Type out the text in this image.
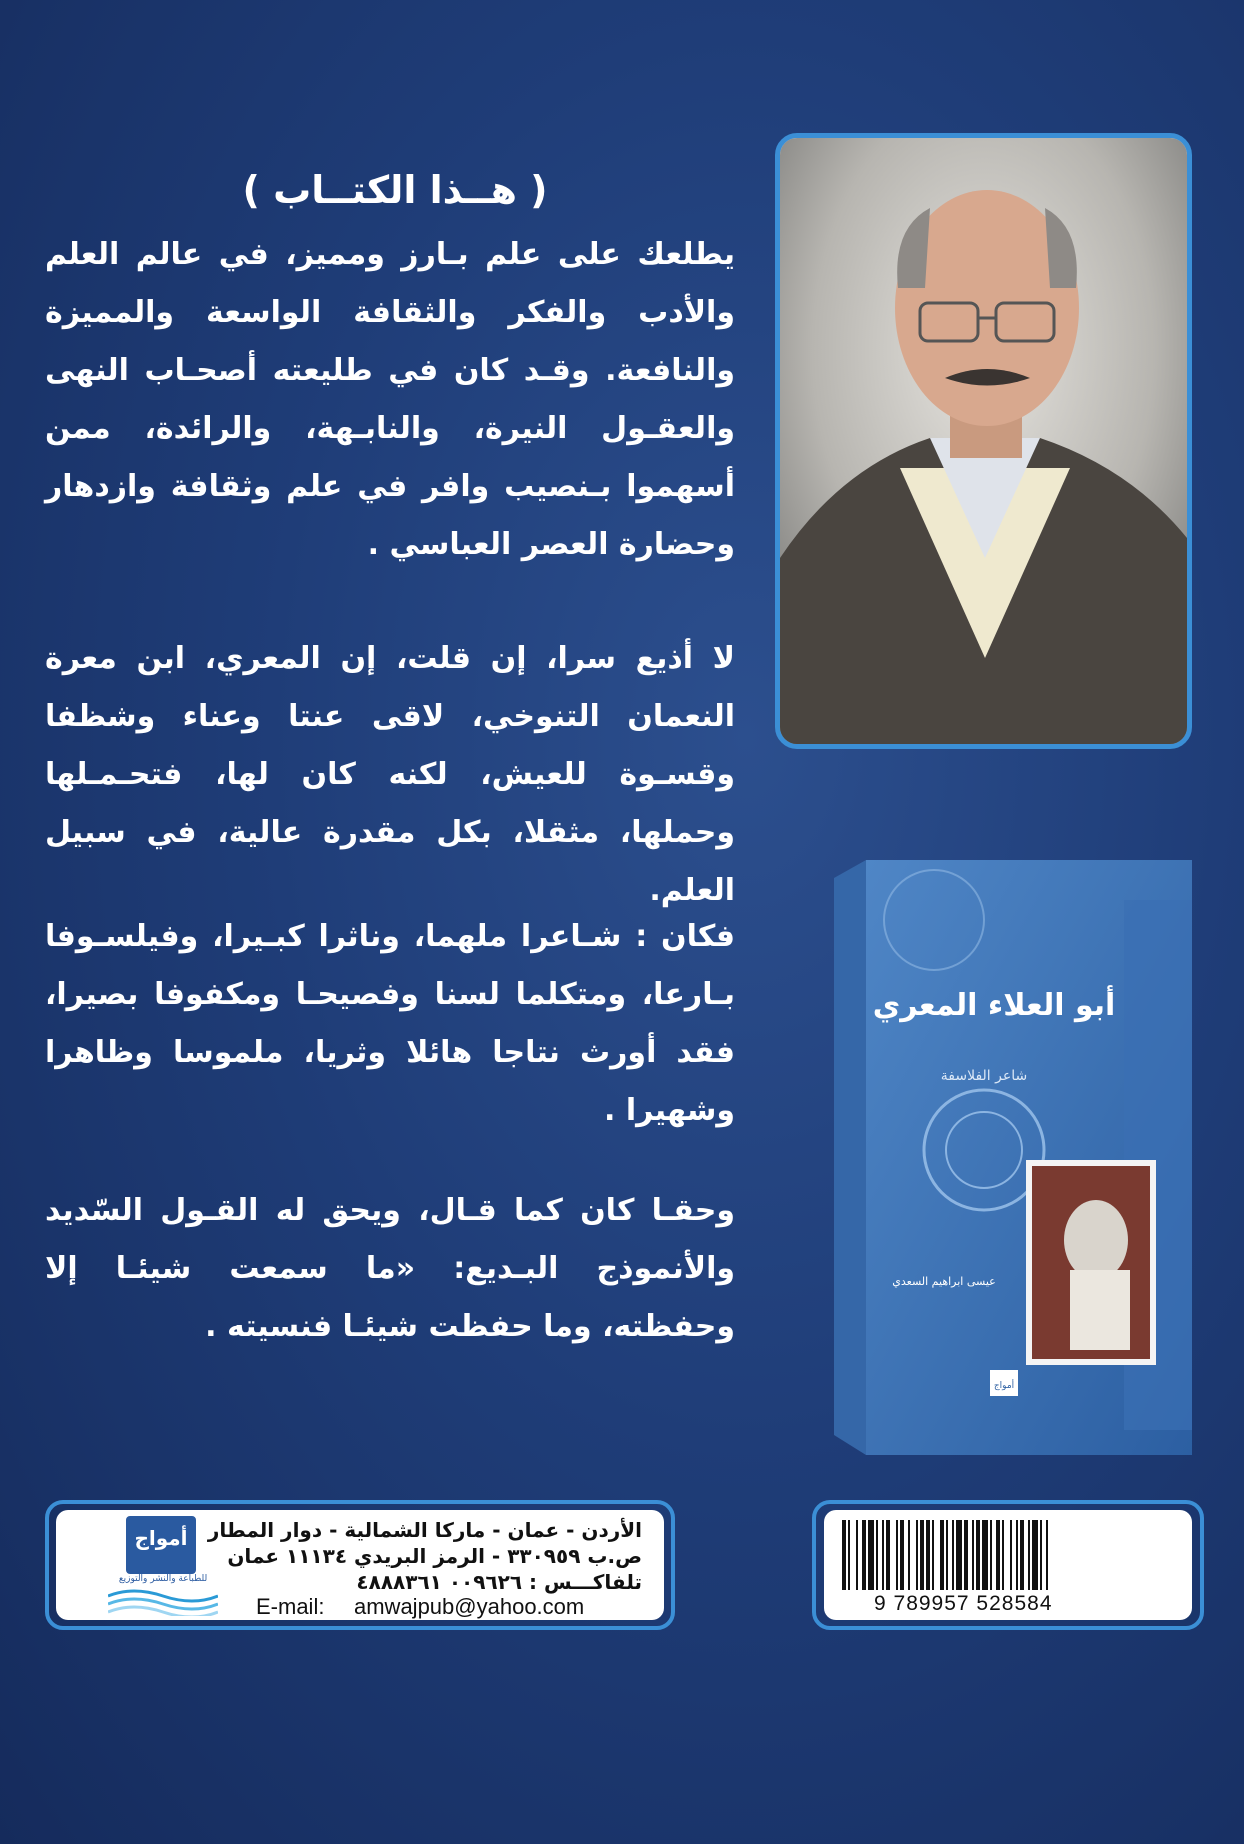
( هــذا الكتــاب )

يطلعك على علم بـارز ومميز، في عالم العلم والأدب والفكر والثقافة الواسعة والمميزة والنافعة. وقـد كان في طليعته أصحـاب النهى والعقـول النيرة، والنابـهة، والرائدة، ممن أسهموا بـنصيب وافر في علم وثقافة وازدهار وحضارة العصر العباسي .

لا أذيع سرا، إن قلت، إن المعري، ابن معرة النعمان التنوخي، لاقى عنتا وعناء وشظفا وقسـوة للعيش، لكنه كان لها، فتحـمـلها وحملها، مثقلا، بكل مقدرة عالية، في سبيل العلم.

فكان : شـاعرا ملهما، وناثرا كبـيرا، وفيلسـوفا بـارعا، ومتكلما لسنا وفصيحـا ومكفوفا بصيرا، فقد أورث نتاجا هائلا وثريا، ملموسا وظاهرا وشهيرا .

وحقـا كان كما قـال، ويحق له القـول السّديد والأنموذج البـديع: «ما سمعت شيئـا إلا وحفظته، وما حفظت شيئـا فنسيته .

أبو العلاء المعري
شاعر الفلاسفة
عيسى ابراهيم السعدي
أمواج
أمواج
للطباعة والنشر والتوزيع
الأردن - عمان - ماركا الشمالية - دوار المطار
ص.ب ٣٣٠٩٥٩ - الرمز البريدي ١١١٣٤ عمان
تلفاكـــس : ٠٠٩٦٢٦ ٤٨٨٨٣٦١
E-mail: amwajpub@yahoo.com	9 789957 528584
